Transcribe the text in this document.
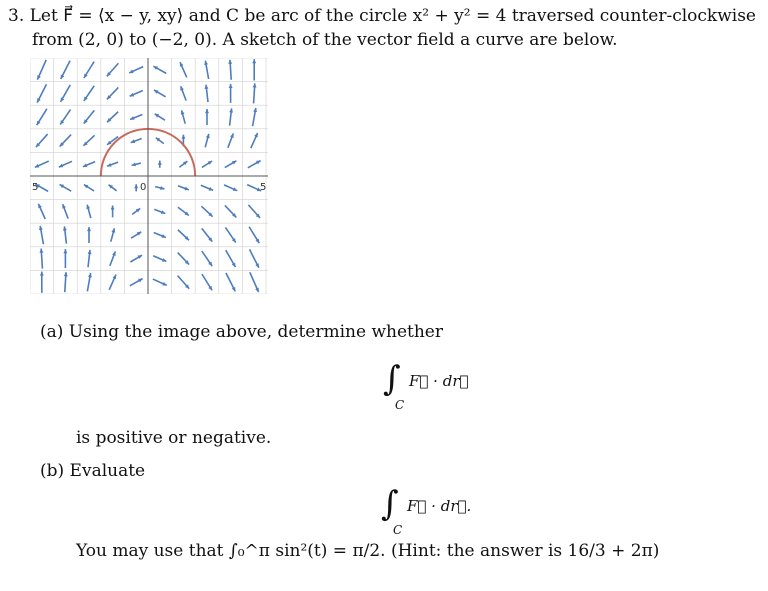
3. Let F⃗ = ⟨x − y, xy⟩ and C be arc of the circle x² + y² = 4 traversed counter-clockwise
from (2, 0) to (−2, 0). A sketch of the vector field a curve are below.
5	0	5
(a) Using the image above, determine whether
∫
C
F⃗ · dr⃗
is positive or negative.
(b) Evaluate
∫
C
F⃗ · dr⃗.
You may use that ∫₀^π sin²(t) = π/2. (Hint: the answer is 16/3 + 2π)
